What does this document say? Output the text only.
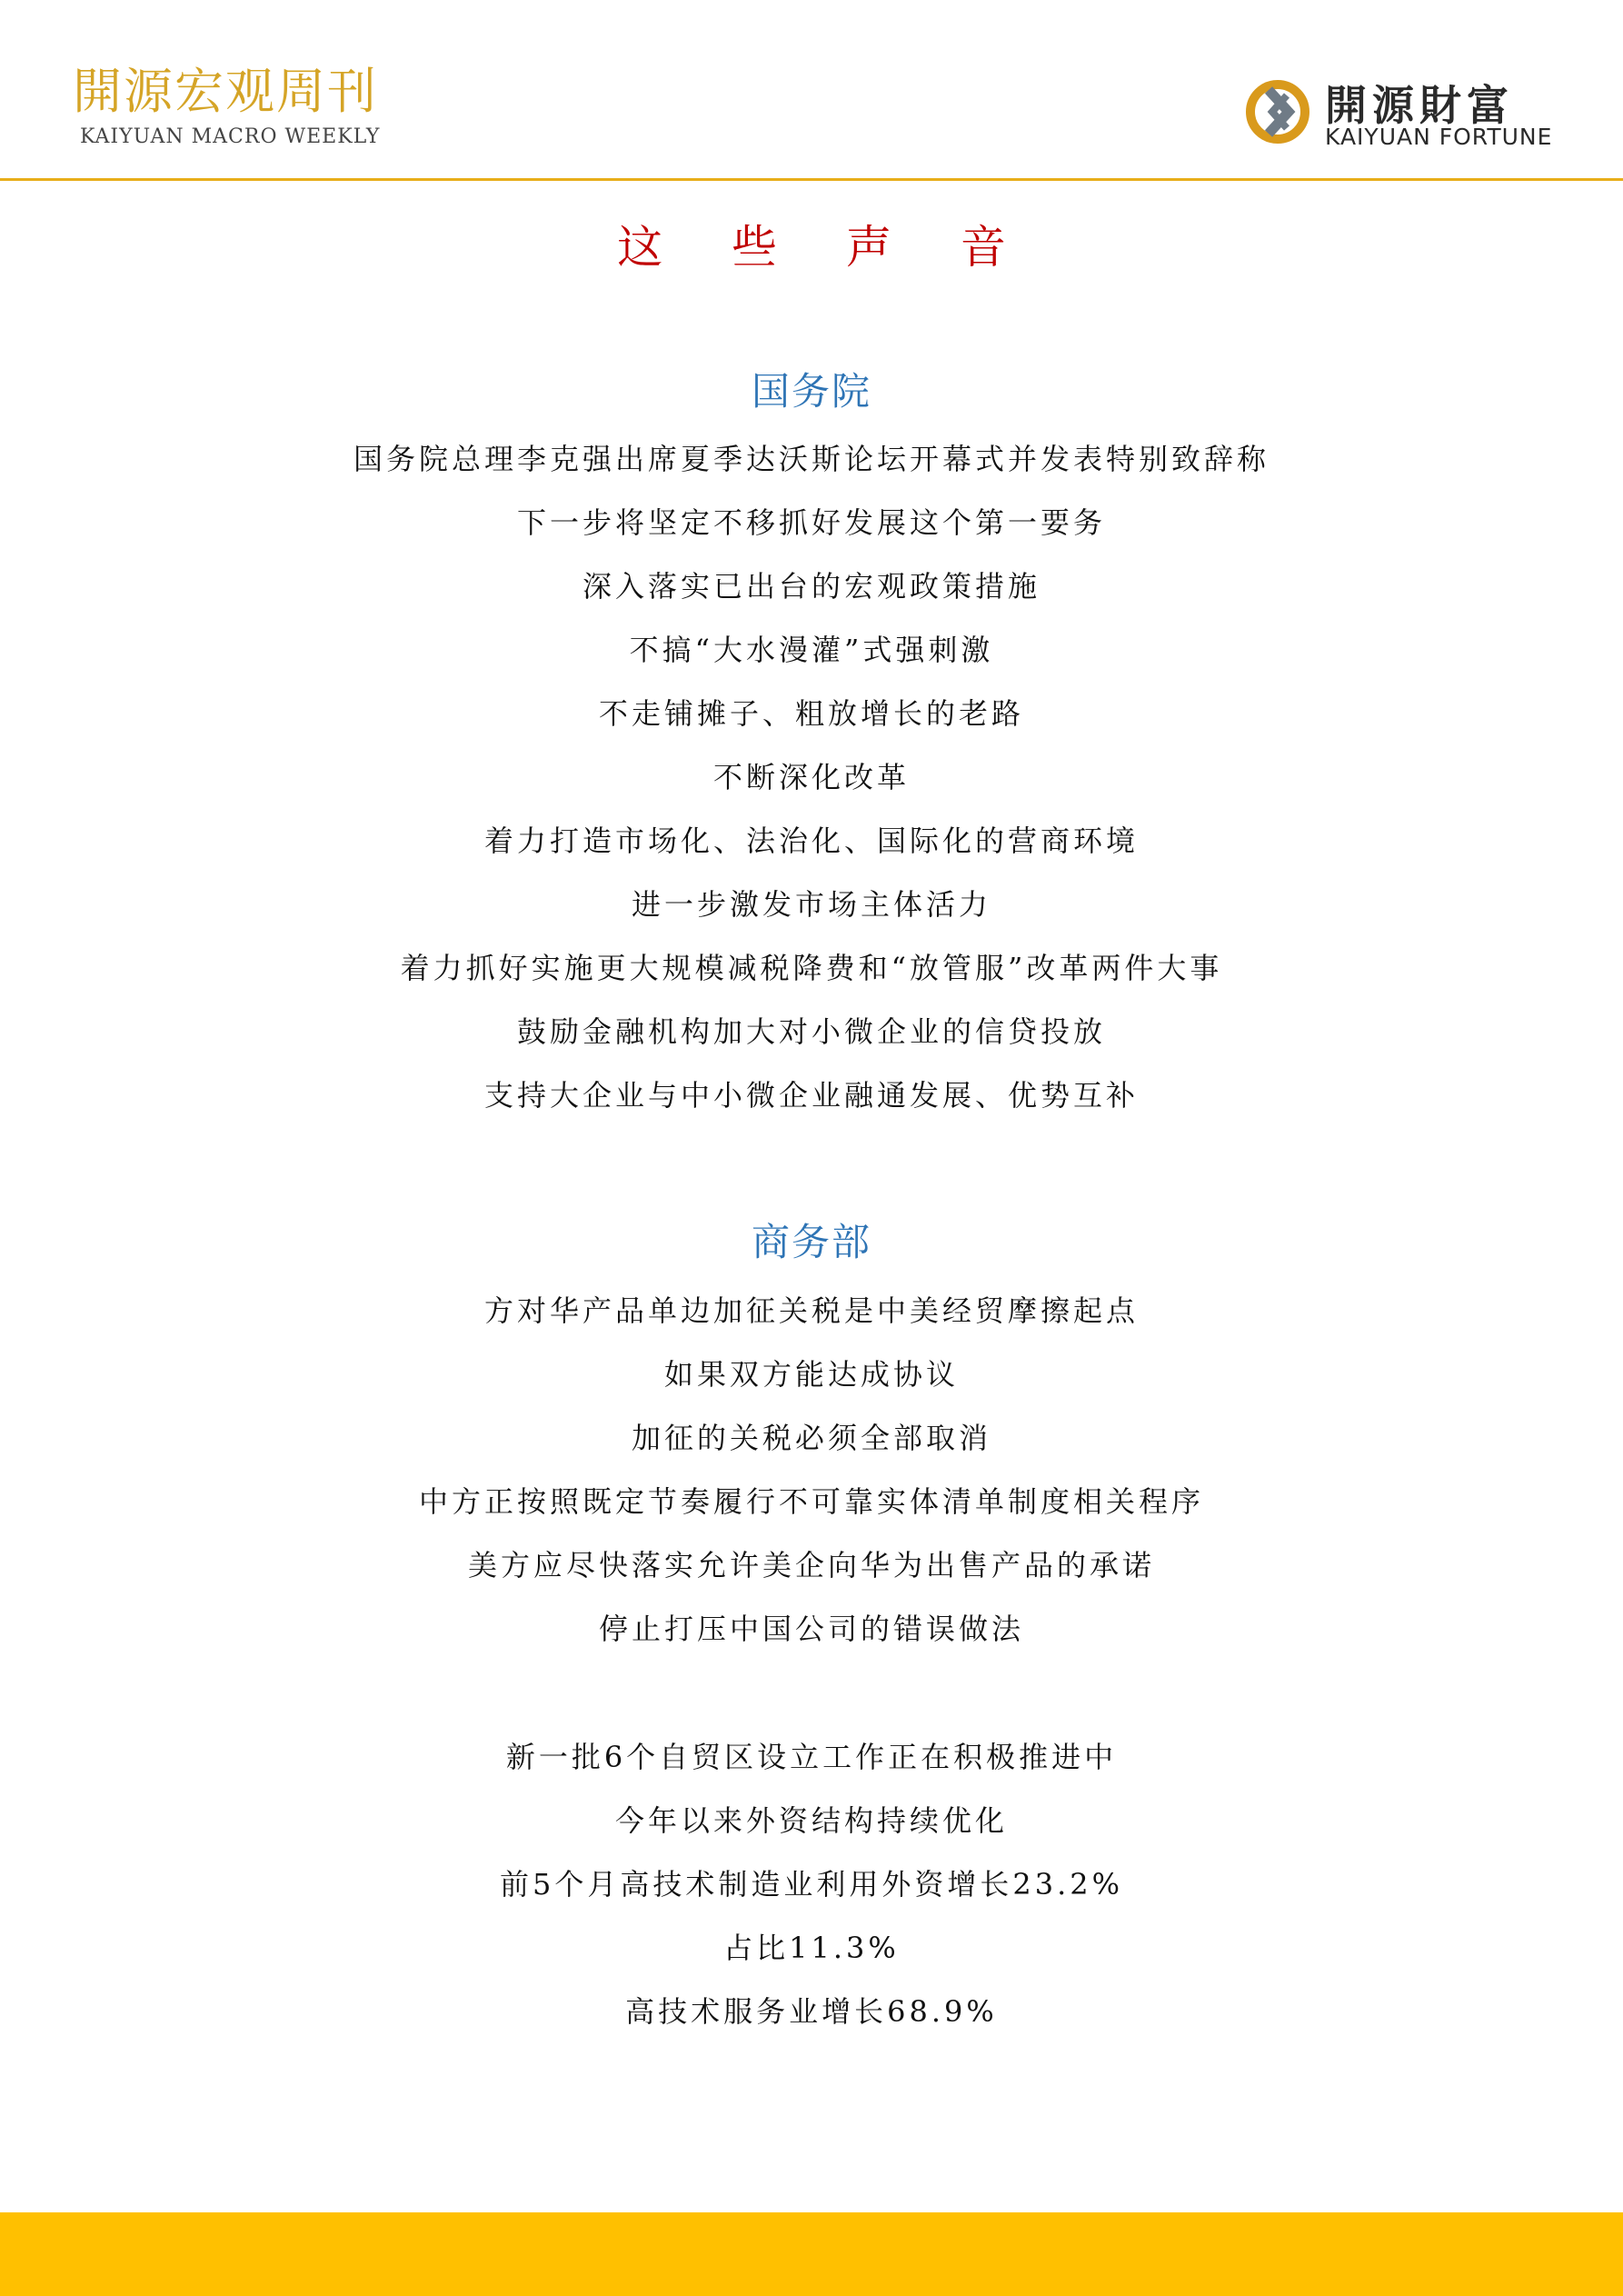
開源宏观周刊
KAIYUAN MACRO WEEKLY
開源財富
KAIYUAN FORTUNE
这 些 声 音
国务院
国务院总理李克强出席夏季达沃斯论坛开幕式并发表特别致辞称
下一步将坚定不移抓好发展这个第一要务
深入落实已出台的宏观政策措施
不搞“大水漫灌”式强刺激
不走铺摊子、粗放增长的老路
不断深化改革
着力打造市场化、法治化、国际化的营商环境
进一步激发市场主体活力
着力抓好实施更大规模减税降费和“放管服”改革两件大事
鼓励金融机构加大对小微企业的信贷投放
支持大企业与中小微企业融通发展、优势互补
商务部
方对华产品单边加征关税是中美经贸摩擦起点
如果双方能达成协议
加征的关税必须全部取消
中方正按照既定节奏履行不可靠实体清单制度相关程序
美方应尽快落实允许美企向华为出售产品的承诺
停止打压中国公司的错误做法
新一批6个自贸区设立工作正在积极推进中
今年以来外资结构持续优化
前5个月高技术制造业利用外资增长23.2%
占比11.3%
高技术服务业增长68.9%
